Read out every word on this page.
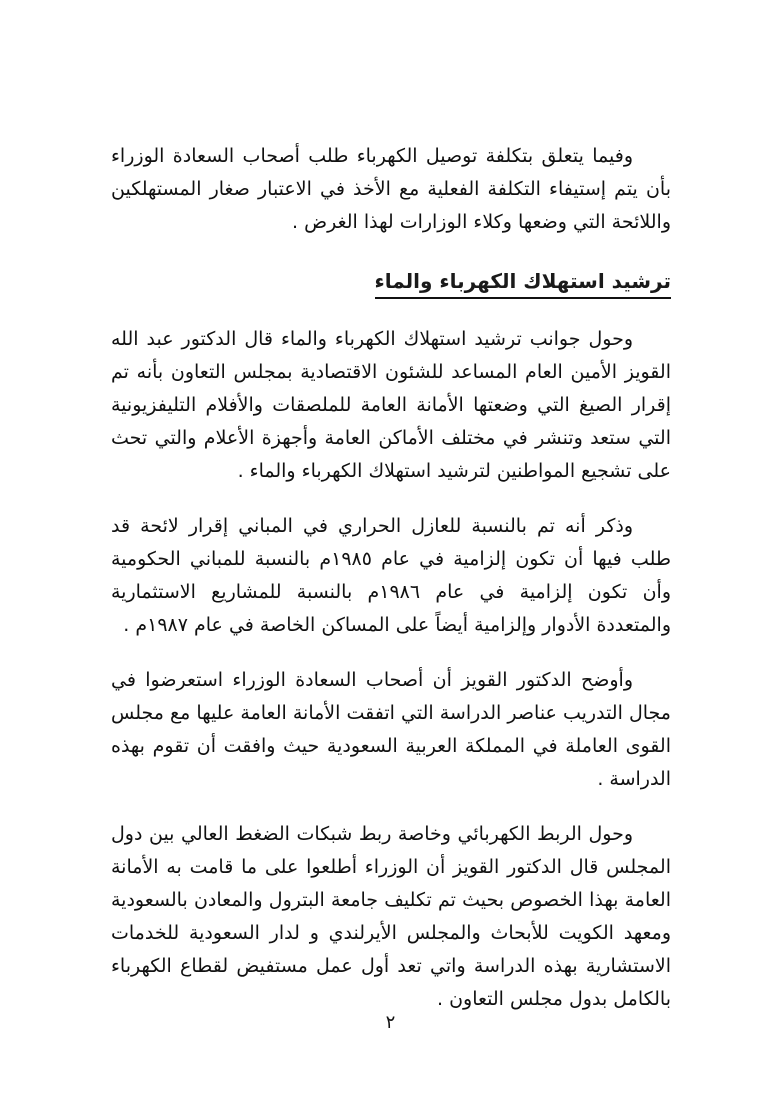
وفيما يتعلق بتكلفة توصيل الكهرباء طلب أصحاب السعادة الوزراء بأن يتم إستيفاء التكلفة الفعلية مع الأخذ في الاعتبار صغار المستهلكين واللائحة التي وضعها وكلاء الوزارات لهذا الغرض .

ترشيد استهلاك الكهرباء والماء

وحول جوانب ترشيد استهلاك الكهرباء والماء قال الدكتور عبد الله القويز الأمين العام المساعد للشئون الاقتصادية بمجلس التعاون بأنه تم إقرار الصيغ التي وضعتها الأمانة العامة للملصقات والأفلام التليفزيونية التي ستعد وتنشر في مختلف الأماكن العامة وأجهزة الأعلام والتي تحث على تشجيع المواطنين لترشيد استهلاك الكهرباء والماء .

وذكر أنه تم بالنسبة للعازل الحراري في المباني إقرار لائحة قد طلب فيها أن تكون إلزامية في عام ١٩٨٥م بالنسبة للمباني الحكومية وأن تكون إلزامية في عام ١٩٨٦م بالنسبة للمشاريع الاستثمارية والمتعددة الأدوار وإلزامية أيضاً على المساكن الخاصة في عام ١٩٨٧م .

وأوضح الدكتور القويز أن أصحاب السعادة الوزراء استعرضوا في مجال التدريب عناصر الدراسة التي اتفقت الأمانة العامة عليها مع مجلس القوى العاملة في المملكة العربية السعودية حيث وافقت أن تقوم بهذه الدراسة .

وحول الربط الكهربائي وخاصة ربط شبكات الضغط العالي بين دول المجلس قال الدكتور القويز أن الوزراء أطلعوا على ما قامت به الأمانة العامة بهذا الخصوص بحيث تم تكليف جامعة البترول والمعادن بالسعودية ومعهد الكويت للأبحاث والمجلس الأيرلندي و لدار السعودية للخدمات الاستشارية بهذه الدراسة واتي تعد أول عمل مستفيض لقطاع الكهرباء بالكامل بدول مجلس التعاون .

٢
